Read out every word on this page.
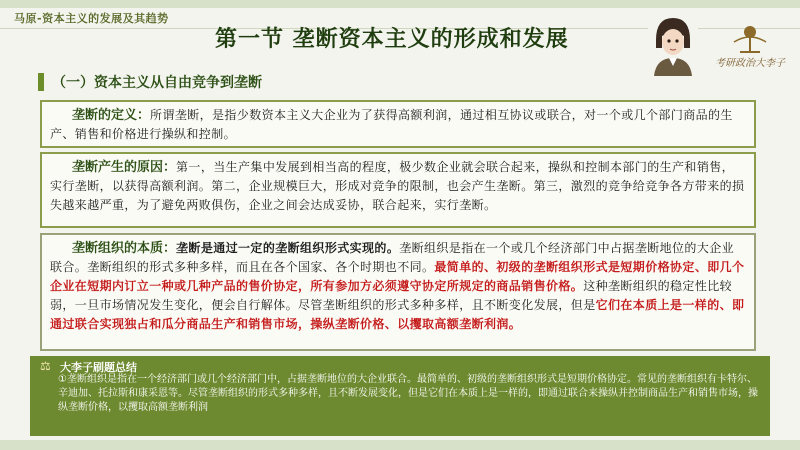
马原-资本主义的发展及其趋势
第一节 垄断资本主义的形成和发展
考研政治大李子
（一）资本主义从自由竞争到垄断
垄断的定义：所谓垄断，是指少数资本主义大企业为了获得高额利润，通过相互协议或联合，对一个或几个部门商品的生产、销售和价格进行操纵和控制。
垄断产生的原因：第一，当生产集中发展到相当高的程度，极少数企业就会联合起来，操纵和控制本部门的生产和销售，实行垄断，以获得高额利润。第二，企业规模巨大，形成对竞争的限制，也会产生垄断。第三，激烈的竞争给竞争各方带来的损失越来越严重，为了避免两败俱伤，企业之间会达成妥协，联合起来，实行垄断。
垄断组织的本质：垄断是通过一定的垄断组织形式实现的。垄断组织是指在一个或几个经济部门中占据垄断地位的大企业联合。垄断组织的形式多种多样，而且在各个国家、各个时期也不同。最简单的、初级的垄断组织形式是短期价格协定、即几个企业在短期内订立一种或几种产品的售价协定，所有参加方必须遵守协定所规定的商品销售价格。这种垄断组织的稳定性比较弱，一旦市场情况发生变化，便会自行解体。尽管垄断组织的形式多种多样，且不断变化发展，但是它们在本质上是一样的、即通过联合实现独占和瓜分商品生产和销售市场，操纵垄断价格、以攫取高额垄断利润。
⚖ 大李子刷题总结
①垄断组织是指在一个经济部门或几个经济部门中，占据垄断地位的大企业联合。最简单的、初级的垄断组织形式是短期价格协定。常见的垄断组织有卡特尔、辛迪加、托拉斯和康采恩等。尽管垄断组织的形式多种多样，且不断发展变化，但是它们在本质上是一样的，即通过联合来操纵并控制商品生产和销售市场，操纵垄断价格，以攫取高额垄断利润
